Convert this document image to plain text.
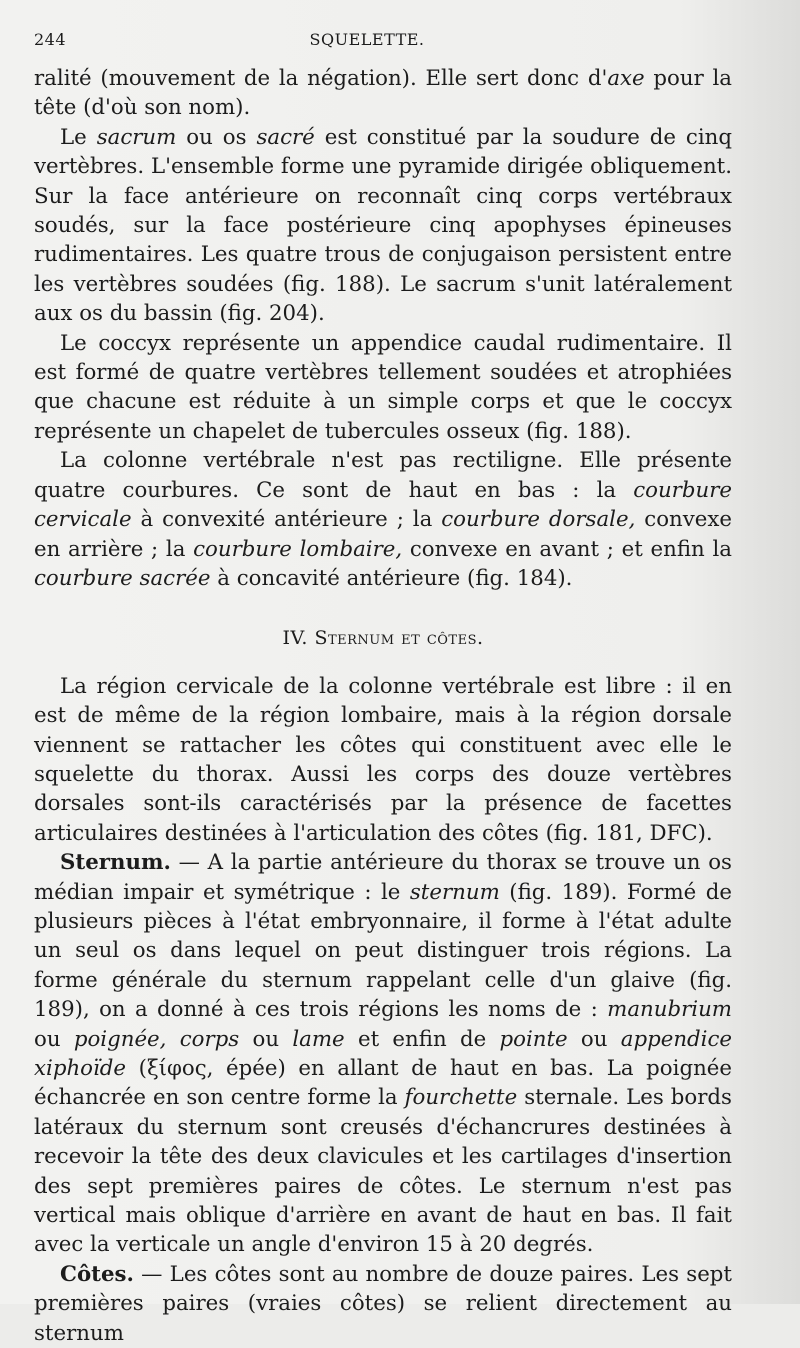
244	SQUELETTE.

ralité (mouvement de la négation). Elle sert donc d'axe pour la tête (d'où son nom).

Le sacrum ou os sacré est constitué par la soudure de cinq vertèbres. L'ensemble forme une pyramide dirigée obliquement. Sur la face antérieure on reconnaît cinq corps vertébraux soudés, sur la face postérieure cinq apophyses épineuses rudimentaires. Les quatre trous de conjugaison persistent entre les vertèbres soudées (fig. 188). Le sacrum s'unit latéralement aux os du bassin (fig. 204).

Le coccyx représente un appendice caudal rudimentaire. Il est formé de quatre vertèbres tellement soudées et atrophiées que chacune est réduite à un simple corps et que le coccyx représente un chapelet de tubercules osseux (fig. 188).

La colonne vertébrale n'est pas rectiligne. Elle présente quatre courbures. Ce sont de haut en bas : la courbure cervicale à convexité antérieure ; la courbure dorsale, convexe en arrière ; la courbure lombaire, convexe en avant ; et enfin la courbure sacrée à concavité antérieure (fig. 184).

IV. Sternum et côtes.

La région cervicale de la colonne vertébrale est libre : il en est de même de la région lombaire, mais à la région dorsale viennent se rattacher les côtes qui constituent avec elle le squelette du thorax. Aussi les corps des douze vertèbres dorsales sont-ils caractérisés par la présence de facettes articulaires destinées à l'articulation des côtes (fig. 181, DFC).

Sternum. — A la partie antérieure du thorax se trouve un os médian impair et symétrique : le sternum (fig. 189). Formé de plusieurs pièces à l'état embryonnaire, il forme à l'état adulte un seul os dans lequel on peut distinguer trois régions. La forme générale du sternum rappelant celle d'un glaive (fig. 189), on a donné à ces trois régions les noms de : manubrium ou poignée, corps ou lame et enfin de pointe ou appendice xiphoïde (ξίφος, épée) en allant de haut en bas. La poignée échancrée en son centre forme la fourchette sternale. Les bords latéraux du sternum sont creusés d'échancrures destinées à recevoir la tête des deux clavicules et les cartilages d'insertion des sept premières paires de côtes. Le sternum n'est pas vertical mais oblique d'arrière en avant de haut en bas. Il fait avec la verticale un angle d'environ 15 à 20 degrés.

Côtes. — Les côtes sont au nombre de douze paires. Les sept premières paires (vraies côtes) se relient directement au sternum
